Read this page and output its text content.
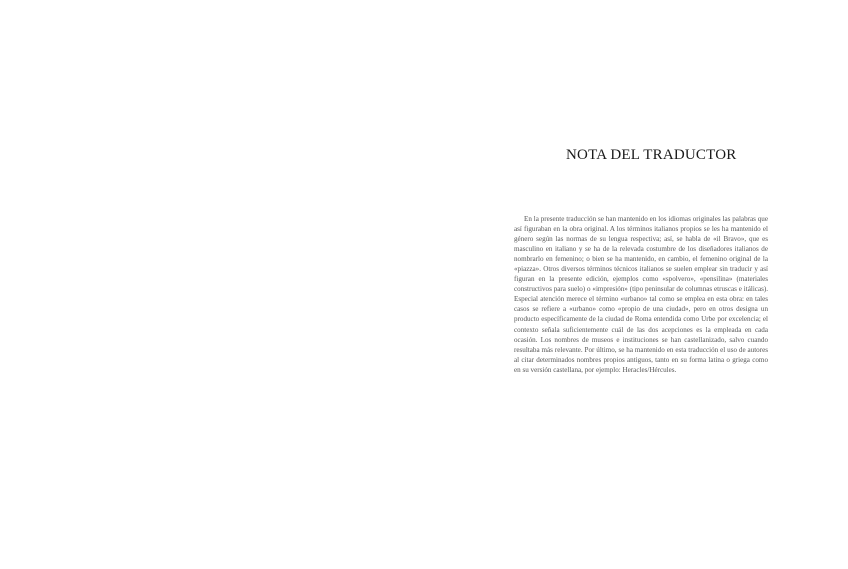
NOTA DEL TRADUCTOR

En la presente traducción se han mantenido en los idiomas originales las palabras que así figuraban en la obra original. A los términos italianos propios se les ha mantenido el género según las normas de su lengua respectiva; así, se habla de «il Bravo», que es masculino en italiano y se ha de la relevada costumbre de los diseñadores italianos de nombrarlo en femenino; o bien se ha mantenido, en cambio, el femenino original de la «piazza». Otros diversos términos técnicos italianos se suelen emplear sin traducir y así figuran en la presente edición, ejemplos como «spolvero», «pensilina» (materiales constructivos para suelo) o «impresión» (tipo peninsular de columnas etruscas e itálicas). Especial atención merece el término «urbano» tal como se emplea en esta obra: en tales casos se refiere a «urbano» como «propio de una ciudad», pero en otros designa un producto específicamente de la ciudad de Roma entendida como Urbe por excelencia; el contexto señala suficientemente cuál de las dos acepciones es la empleada en cada ocasión. Los nombres de museos e instituciones se han castellanizado, salvo cuando resultaba más relevante. Por último, se ha mantenido en esta traducción el uso de autores al citar determinados nombres propios antiguos, tanto en su forma latina o griega como en su versión castellana, por ejemplo: Heracles/Hércules.
